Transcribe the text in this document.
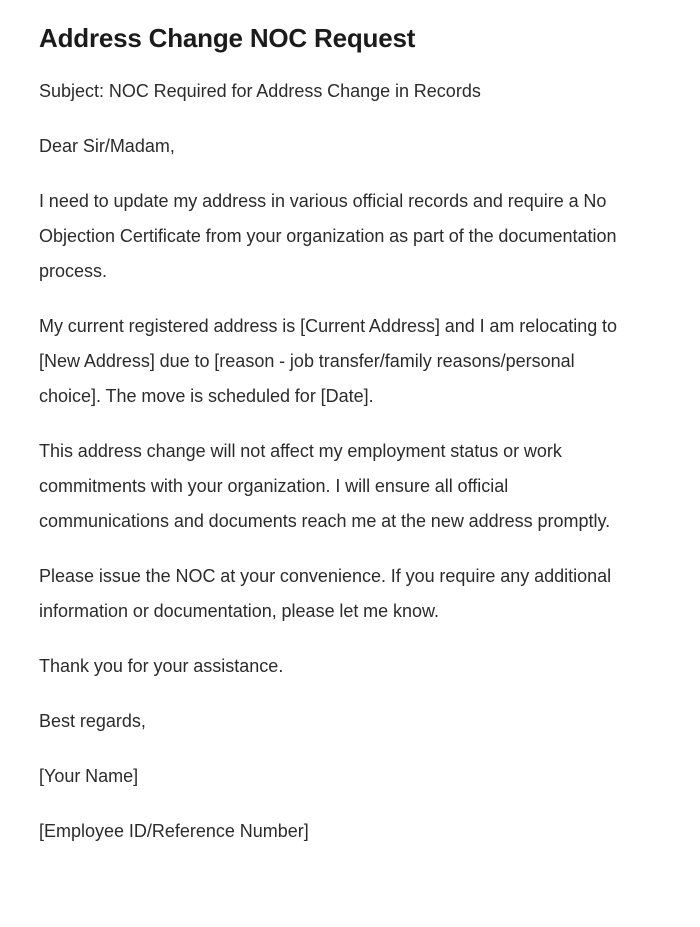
Address Change NOC Request

Subject: NOC Required for Address Change in Records

Dear Sir/Madam,

I need to update my address in various official records and require a No Objection Certificate from your organization as part of the documentation process.

My current registered address is [Current Address] and I am relocating to [New Address] due to [reason - job transfer/family reasons/personal choice]. The move is scheduled for [Date].

This address change will not affect my employment status or work commitments with your organization. I will ensure all official communications and documents reach me at the new address promptly.

Please issue the NOC at your convenience. If you require any additional information or documentation, please let me know.

Thank you for your assistance.

Best regards,

[Your Name]

[Employee ID/Reference Number]
